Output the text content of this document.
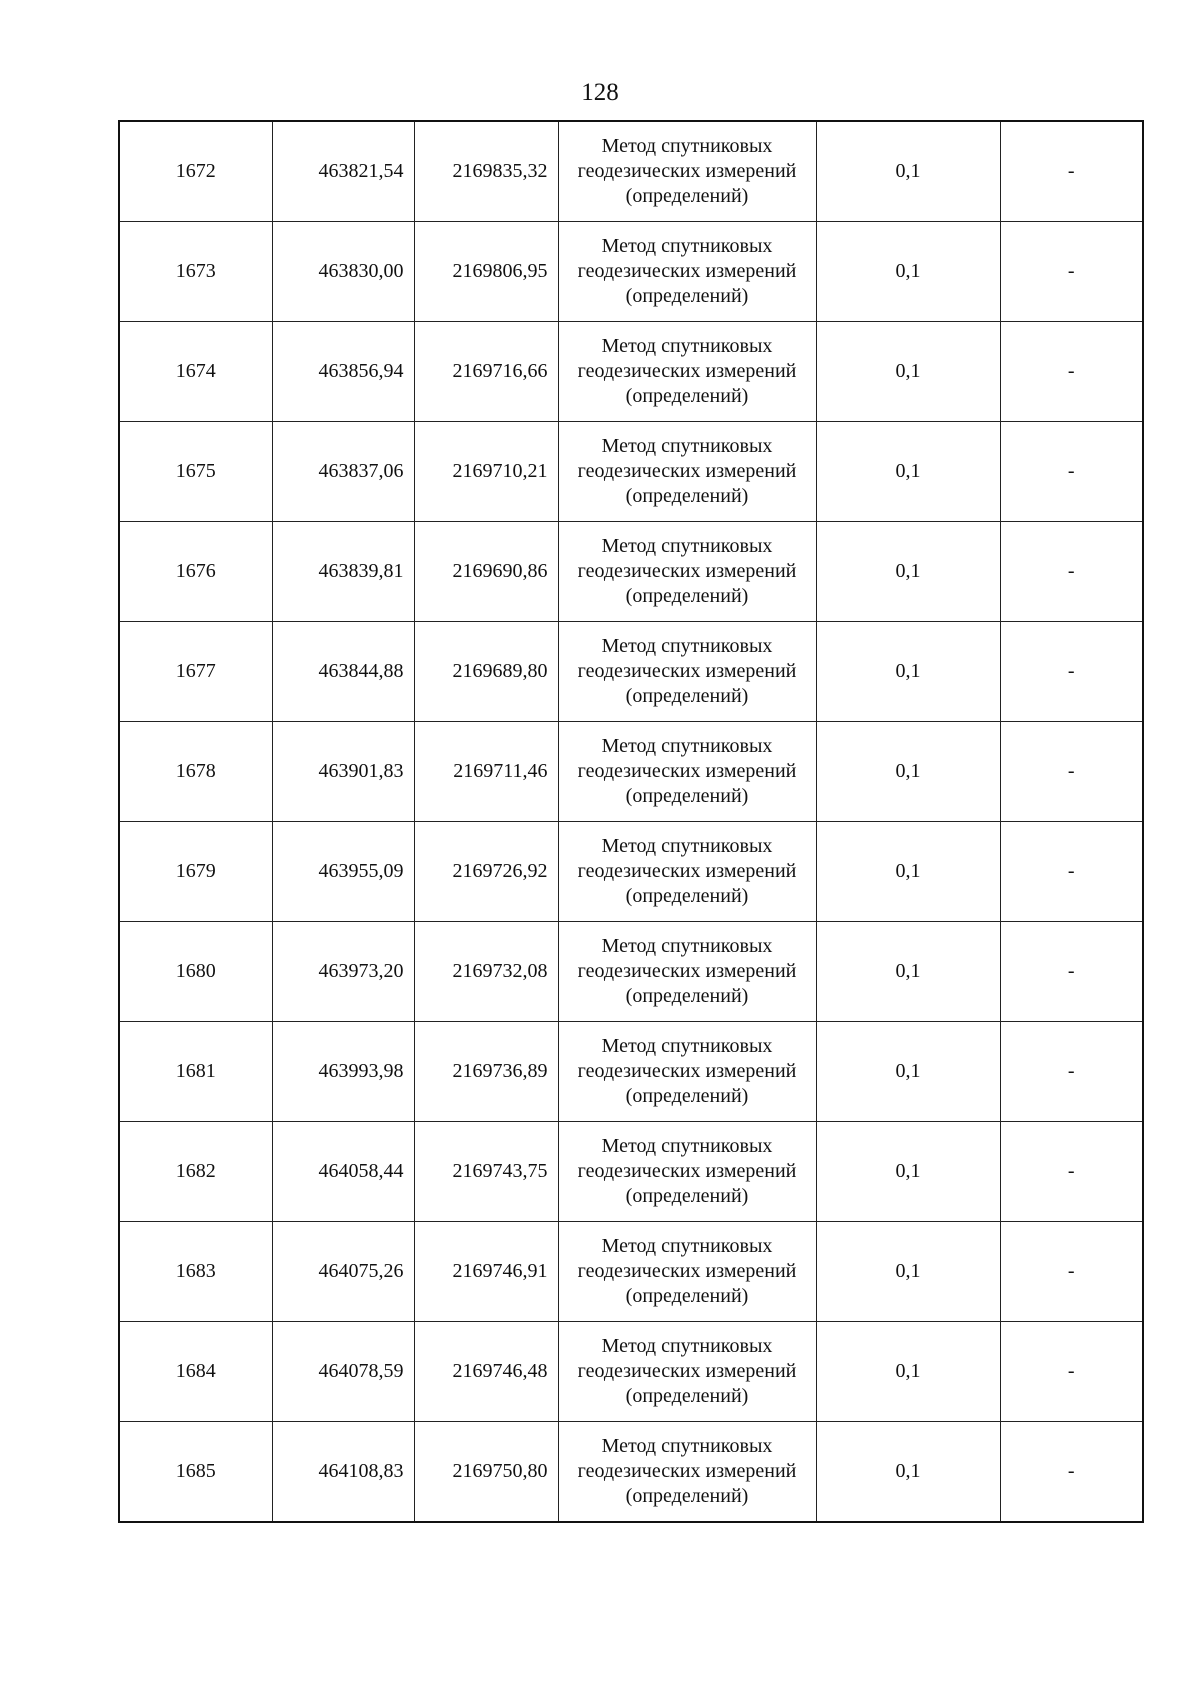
128
1672	463821,54	2169835,32	Метод спутниковых
геодезических измерений
(определений)	0,1	-
1673	463830,00	2169806,95	Метод спутниковых
геодезических измерений
(определений)	0,1	-
1674	463856,94	2169716,66	Метод спутниковых
геодезических измерений
(определений)	0,1	-
1675	463837,06	2169710,21	Метод спутниковых
геодезических измерений
(определений)	0,1	-
1676	463839,81	2169690,86	Метод спутниковых
геодезических измерений
(определений)	0,1	-
1677	463844,88	2169689,80	Метод спутниковых
геодезических измерений
(определений)	0,1	-
1678	463901,83	2169711,46	Метод спутниковых
геодезических измерений
(определений)	0,1	-
1679	463955,09	2169726,92	Метод спутниковых
геодезических измерений
(определений)	0,1	-
1680	463973,20	2169732,08	Метод спутниковых
геодезических измерений
(определений)	0,1	-
1681	463993,98	2169736,89	Метод спутниковых
геодезических измерений
(определений)	0,1	-
1682	464058,44	2169743,75	Метод спутниковых
геодезических измерений
(определений)	0,1	-
1683	464075,26	2169746,91	Метод спутниковых
геодезических измерений
(определений)	0,1	-
1684	464078,59	2169746,48	Метод спутниковых
геодезических измерений
(определений)	0,1	-
1685	464108,83	2169750,80	Метод спутниковых
геодезических измерений
(определений)	0,1	-
